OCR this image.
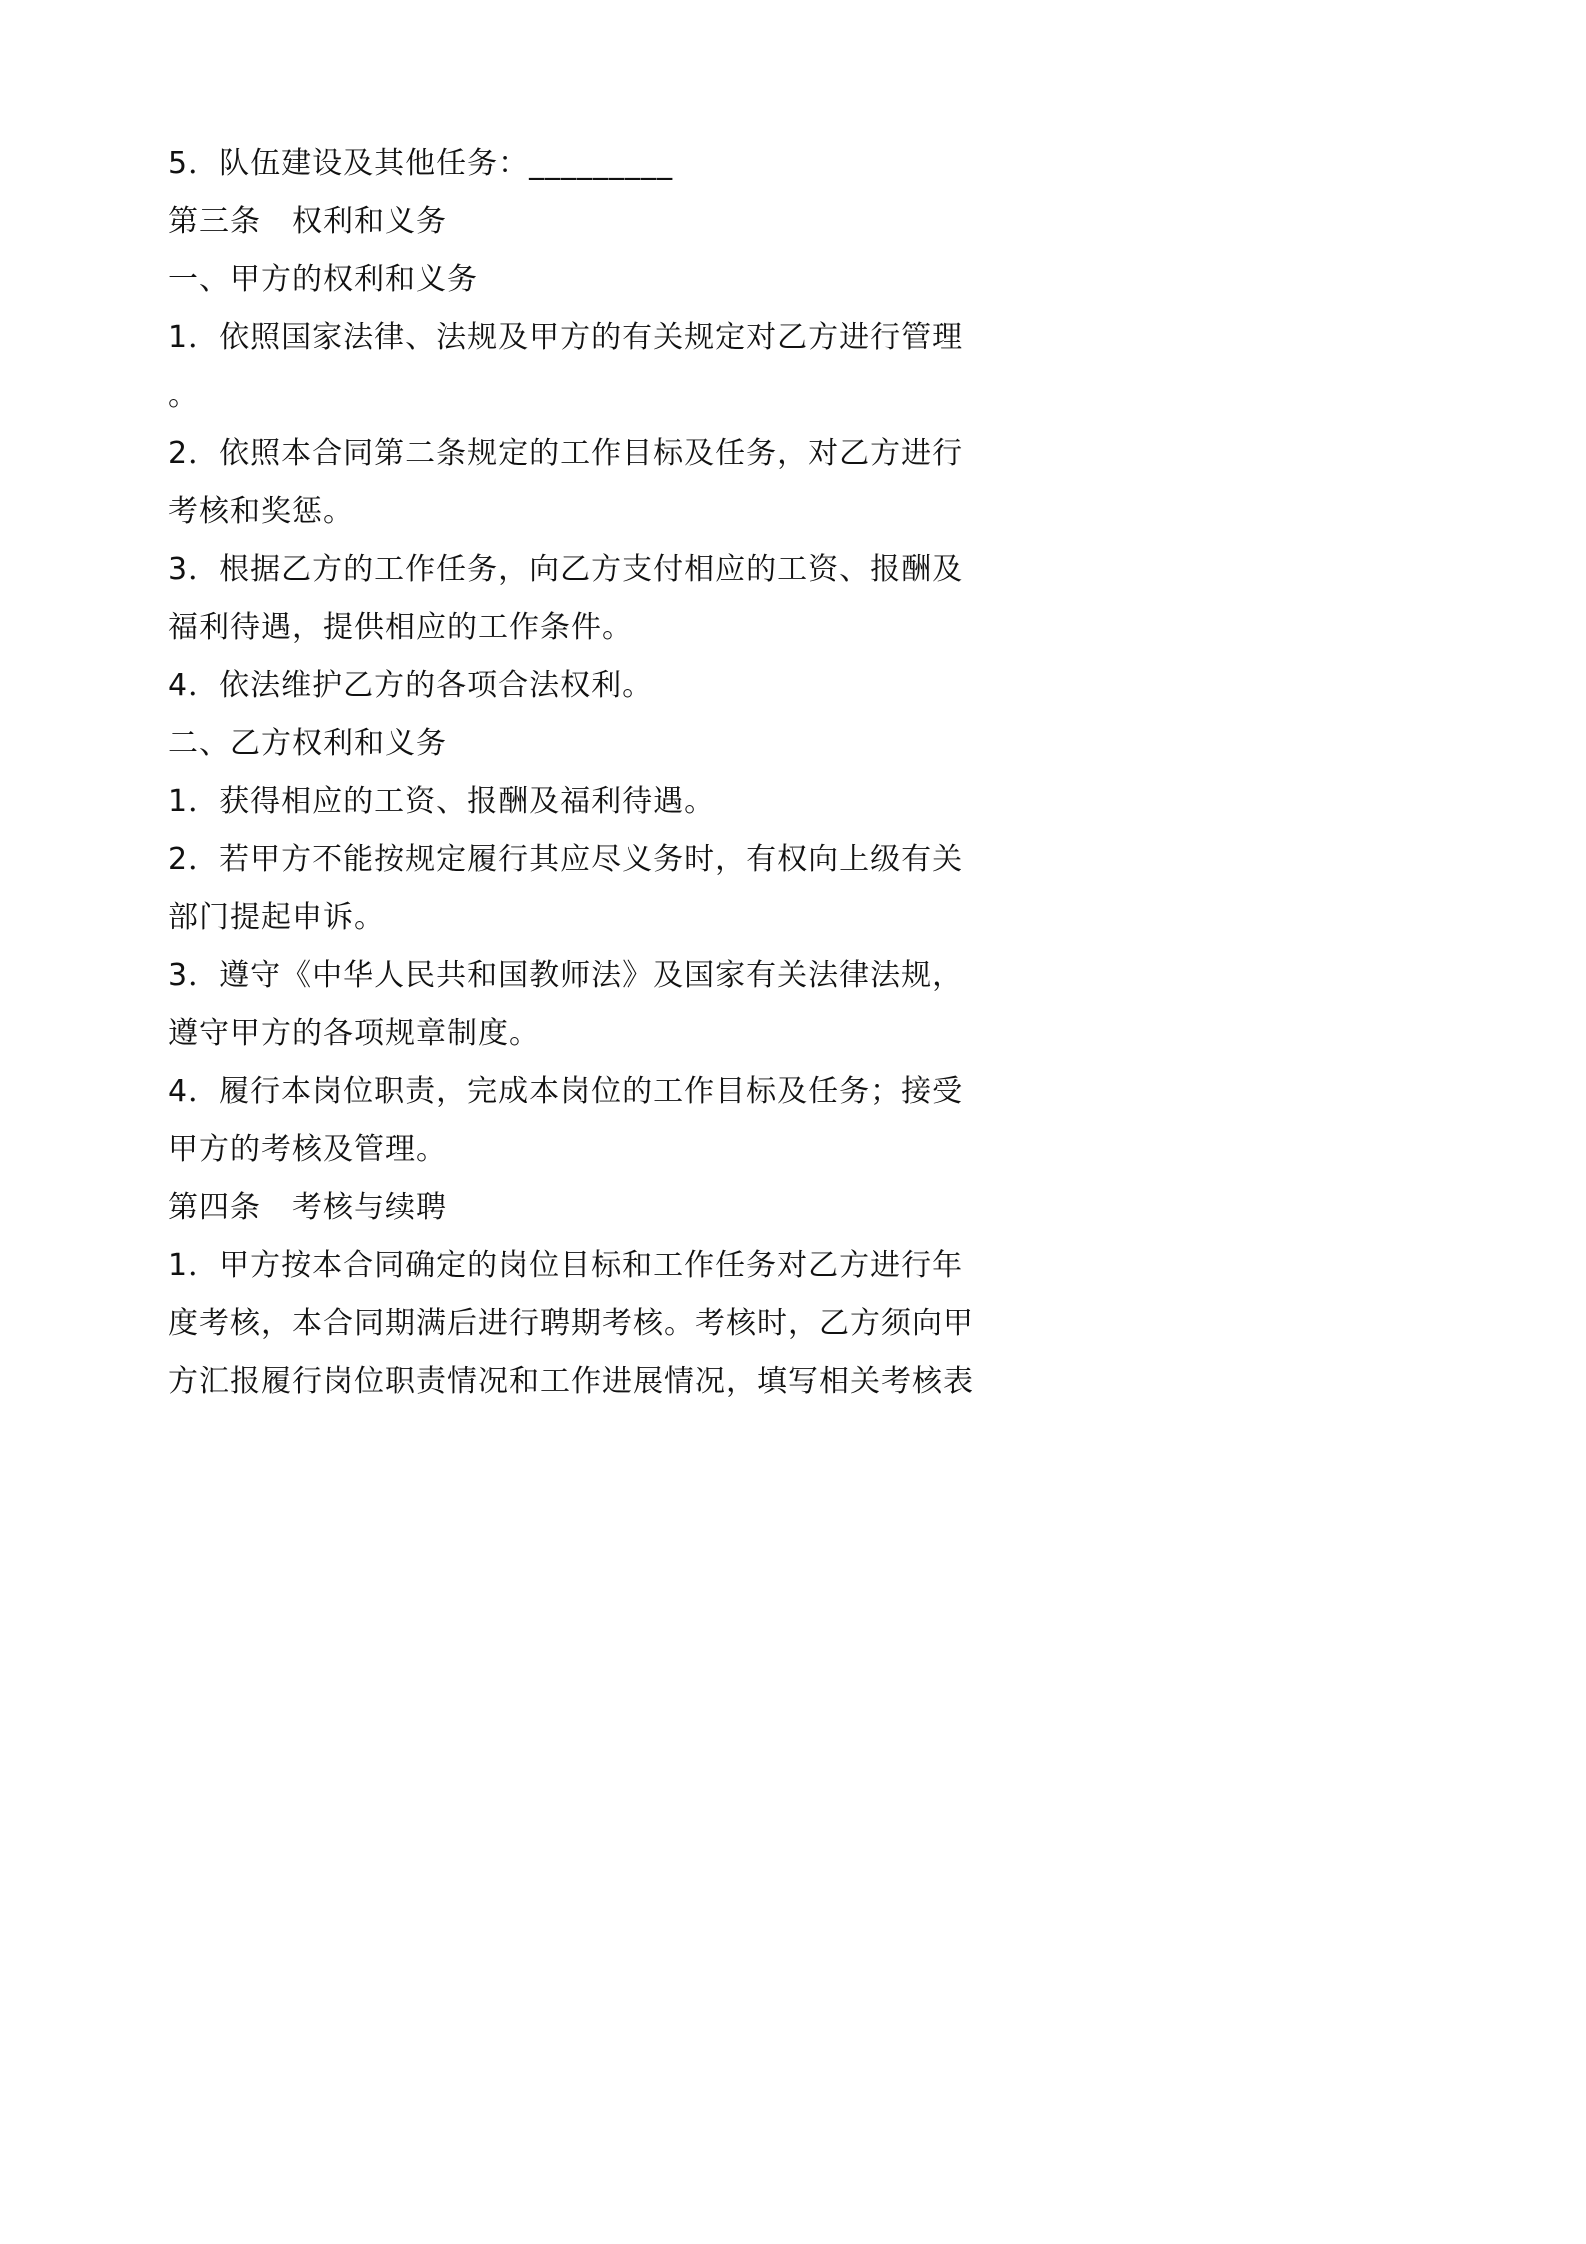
5．队伍建设及其他任务：_________
第三条　权利和义务
一、甲方的权利和义务
1．依照国家法律、法规及甲方的有关规定对乙方进行管理
。
2．依照本合同第二条规定的工作目标及任务，对乙方进行
考核和奖惩。
3．根据乙方的工作任务，向乙方支付相应的工资、报酬及
福利待遇，提供相应的工作条件。
4．依法维护乙方的各项合法权利。
二、乙方权利和义务
1．获得相应的工资、报酬及福利待遇。
2．若甲方不能按规定履行其应尽义务时，有权向上级有关
部门提起申诉。
3．遵守《中华人民共和国教师法》及国家有关法律法规，
遵守甲方的各项规章制度。
4．履行本岗位职责，完成本岗位的工作目标及任务；接受
甲方的考核及管理。
第四条　考核与续聘
1．甲方按本合同确定的岗位目标和工作任务对乙方进行年
度考核，本合同期满后进行聘期考核。考核时，乙方须向甲
方汇报履行岗位职责情况和工作进展情况，填写相关考核表
